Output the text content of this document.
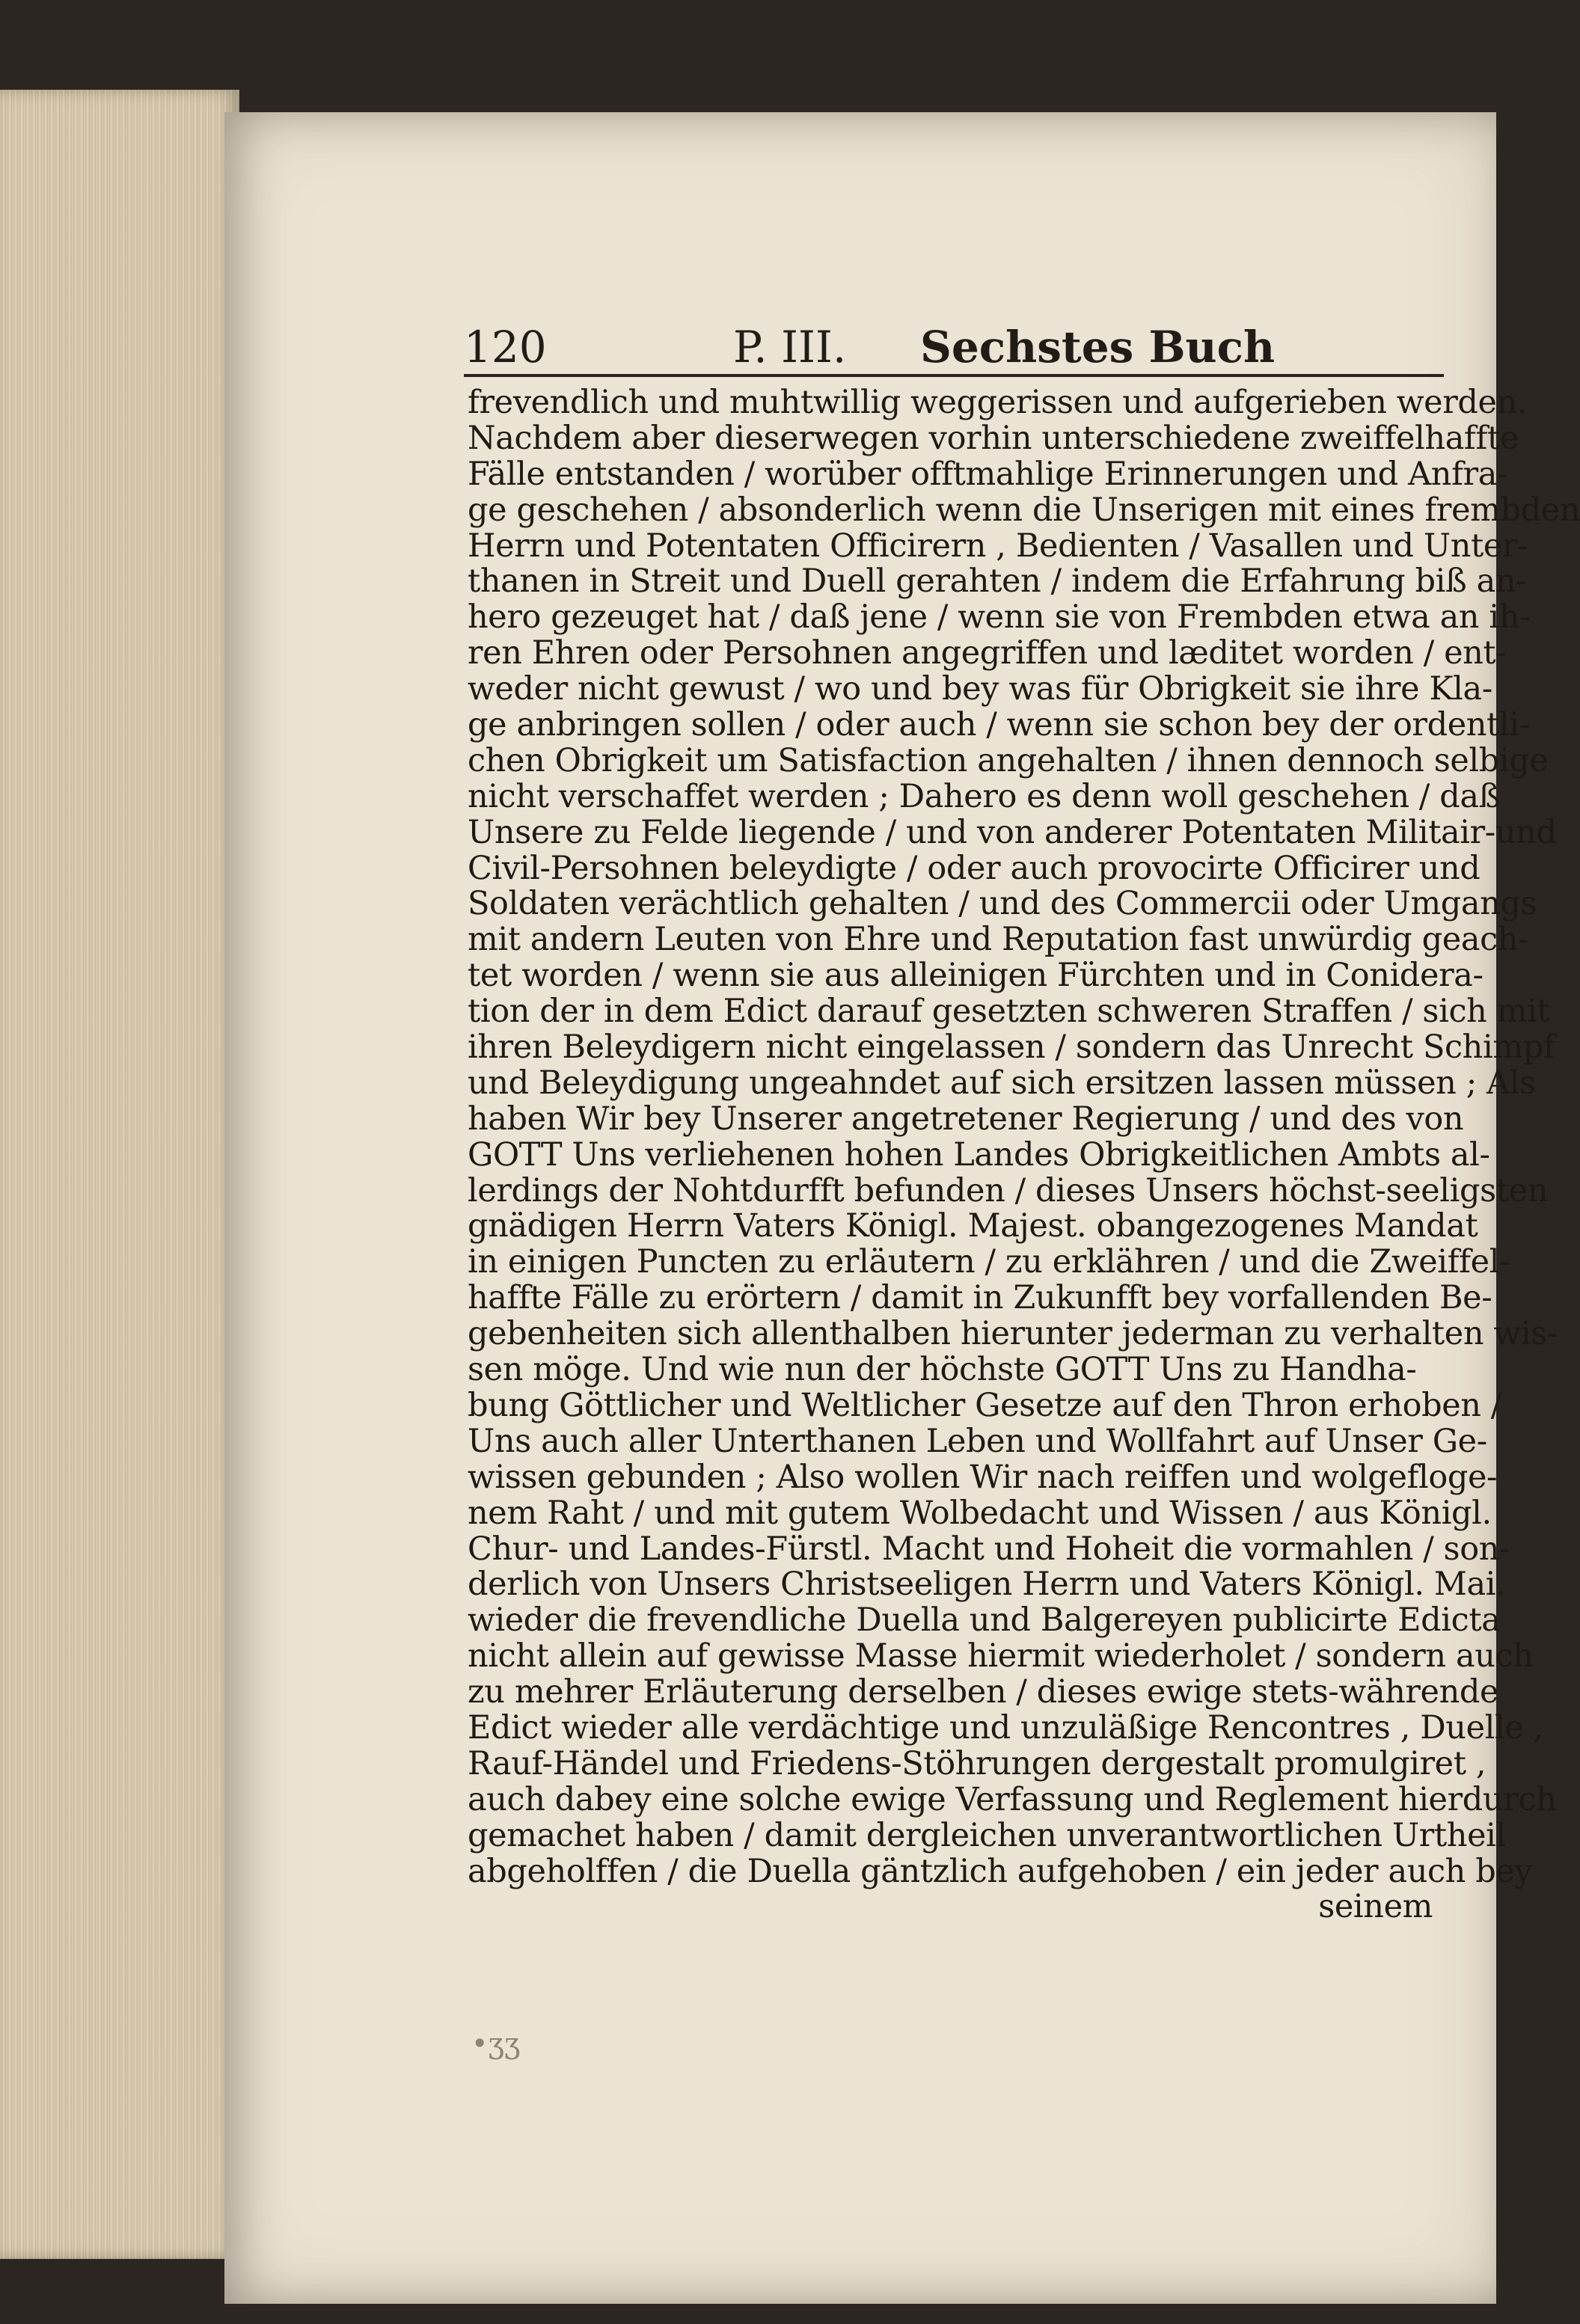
120	P. III. Sechstes Buch
frevendlich und muhtwillig weggerissen und aufgerieben werden.
Nachdem aber dieserwegen vorhin unterschiedene zweiffelhaffte
Fälle entstanden / worüber offtmahlige Erinnerungen und Anfra-
ge geschehen / absonderlich wenn die Unserigen mit eines frembden
Herrn und Potentaten Officirern , Bedienten / Vasallen und Unter-
thanen in Streit und Duell gerahten / indem die Erfahrung biß an-
hero gezeuget hat / daß jene / wenn sie von Frembden etwa an ih-
ren Ehren oder Persohnen angegriffen und læditet worden / ent-
weder nicht gewust / wo und bey was für Obrigkeit sie ihre Kla-
ge anbringen sollen / oder auch / wenn sie schon bey der ordentli-
chen Obrigkeit um Satisfaction angehalten / ihnen dennoch selbige
nicht verschaffet werden ; Dahero es denn woll geschehen / daß
Unsere zu Felde liegende / und von anderer Potentaten Militair-und
Civil-Persohnen beleydigte / oder auch provocirte Officirer und
Soldaten verächtlich gehalten / und des Commercii oder Umgangs
mit andern Leuten von Ehre und Reputation fast unwürdig geach-
tet worden / wenn sie aus alleinigen Fürchten und in Conidera-
tion der in dem Edict darauf gesetzten schweren Straffen / sich mit
ihren Beleydigern nicht eingelassen / sondern das Unrecht Schimpf
und Beleydigung ungeahndet auf sich ersitzen lassen müssen ; Als
haben Wir bey Unserer angetretener Regierung / und des von
GOTT Uns verliehenen hohen Landes Obrigkeitlichen Ambts al-
lerdings der Nohtdurfft befunden / dieses Unsers höchst-seeligsten
gnädigen Herrn Vaters Königl. Majest. obangezogenes Mandat
in einigen Puncten zu erläutern / zu erklähren / und die Zweiffel-
haffte Fälle zu erörtern / damit in Zukunfft bey vorfallenden Be-
gebenheiten sich allenthalben hierunter jederman zu verhalten wis-
sen möge. Und wie nun der höchste GOTT Uns zu Handha-
bung Göttlicher und Weltlicher Gesetze auf den Thron erhoben /
Uns auch aller Unterthanen Leben und Wollfahrt auf Unser Ge-
wissen gebunden ; Also wollen Wir nach reiffen und wolgefloge-
nem Raht / und mit gutem Wolbedacht und Wissen / aus Königl.
Chur- und Landes-Fürstl. Macht und Hoheit die vormahlen / son-
derlich von Unsers Christseeligen Herrn und Vaters Königl. Mai.
wieder die frevendliche Duella und Balgereyen publicirte Edicta
nicht allein auf gewisse Masse hiermit wiederholet / sondern auch
zu mehrer Erläuterung derselben / dieses ewige stets-währende
Edict wieder alle verdächtige und unzuläßige Rencontres , Duelle ,
Rauf-Händel und Friedens-Stöhrungen dergestalt promulgiret ,
auch dabey eine solche ewige Verfassung und Reglement hierdurch
gemachet haben / damit dergleichen unverantwortlichen Urtheil
abgeholffen / die Duella gäntzlich aufgehoben / ein jeder auch bey
seinem
•ʒʒ
